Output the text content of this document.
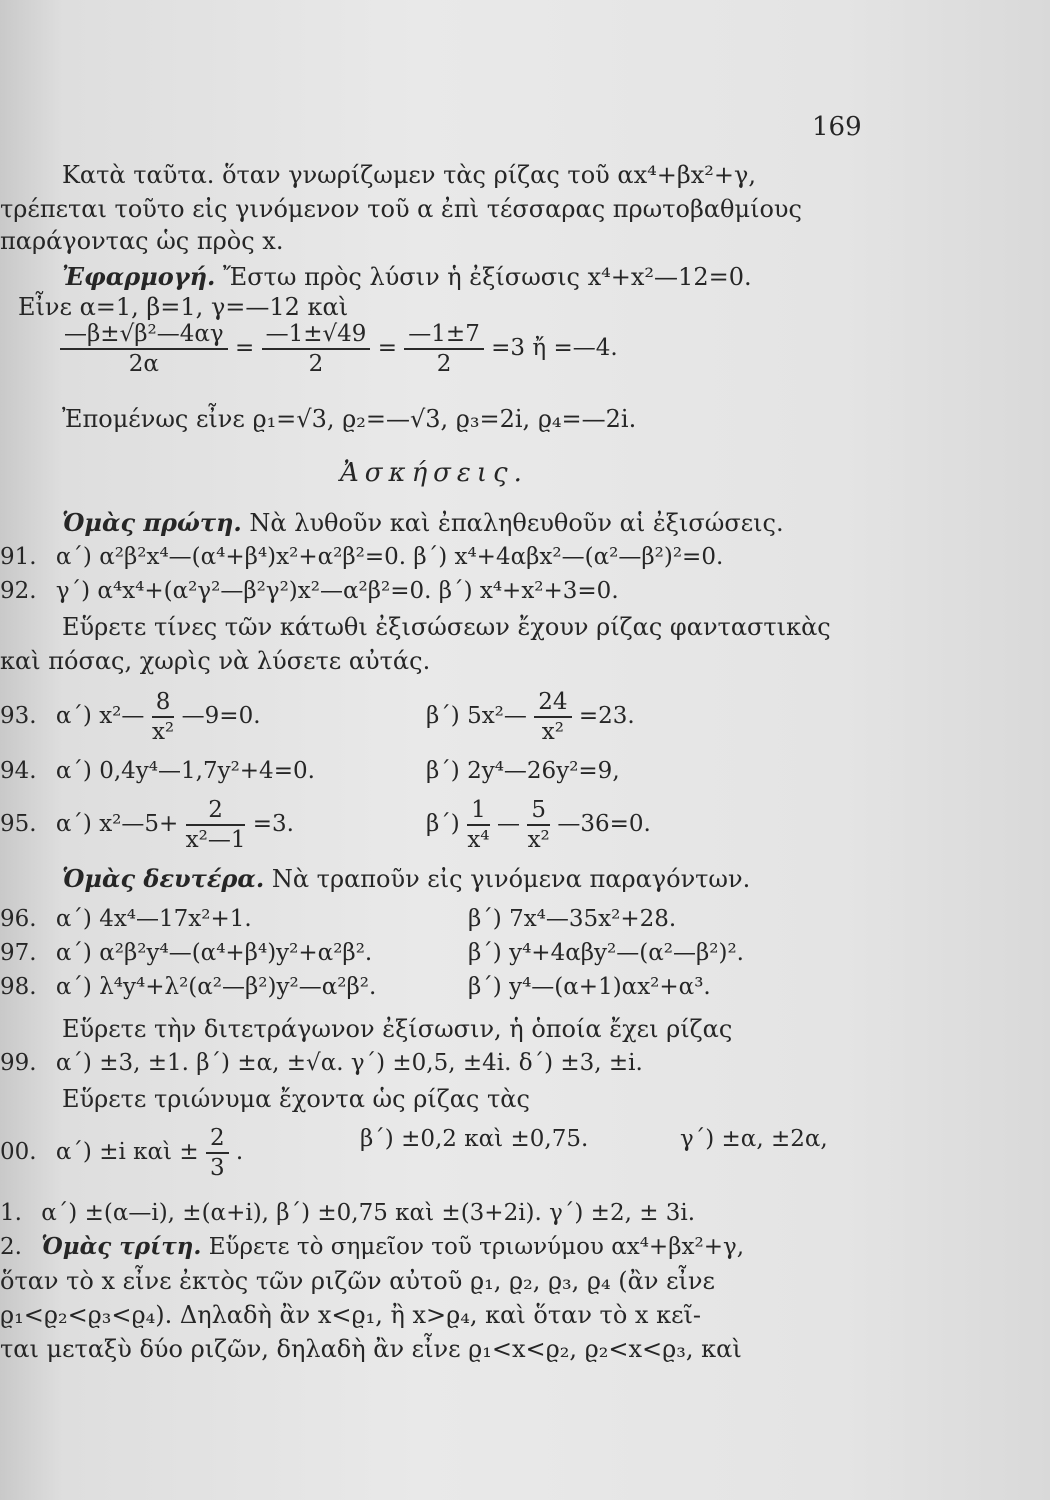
169
Κατὰ ταῦτα. ὅταν γνωρίζωμεν τὰς ρίζας τοῦ αx⁴+βx²+γ,
τρέπεται τοῦτο εἰς γινόμενον τοῦ α ἐπὶ τέσσαρας πρωτοβαθμίους
παράγοντας ὡς πρὸς x.
Ἐφαρμογή. Ἔστω πρὸς λύσιν ἡ ἐξίσωσις x⁴+x²—12=0.
Εἶνε α=1, β=1, γ=—12 καὶ
$\frac{\text{—β±√β²—4αγ}}{2\alpha} = \frac{—1\pm√49}{2} = \frac{—1\pm 7}{2} =3$ ἤ =—4.
Ἐπομένως εἶνε ϱ₁=√3, ϱ₂=—√3, ϱ₃=2i, ϱ₄=—2i.
Ἀσκήσεις.
Ὁμὰς πρώτη. Νὰ λυθοῦν καὶ ἐπαληθευθοῦν αἱ ἐξισώσεις.
91. α΄) α²β²x⁴—(α⁴+β⁴)x²+α²β²=0. β΄) x⁴+4αβx²—(α²—β²)²=0.
92. γ΄) α⁴x⁴+(α²γ²—β²γ²)x²—α²β²=0. β΄) x⁴+x²+3=0.
Εὕρετε τίνες τῶν κάτωθι ἐξισώσεων ἔχουν ρίζας φανταστικὰς
καὶ πόσας, χωρὶς νὰ λύσετε αὐτάς.
93. α΄) x²— $\frac{8}{\text{x²}}$ —9=0.	β΄) 5x²— $\frac{24}{\text{x²}} =23$.
94. α΄) 0,4y⁴—1,7y²+4=0.	β΄) 2y⁴—26y²=9,
95. α΄) x²—5+ $\frac{2}{\text{x²—1}} =3$.	$\beta΄) \frac{1}{\text{x⁴}}$ — $\frac{5}{\text{x²}}$ —36=0.
Ὁμὰς δευτέρα. Νὰ τραποῦν εἰς γινόμενα παραγόντων.
96. α΄) 4x⁴—17x²+1.	β΄) 7x⁴—35x²+28.
97. α΄) α²β²y⁴—(α⁴+β⁴)y²+α²β².	β΄) y⁴+4αβy²—(α²—β²)².
98. α΄) λ⁴y⁴+λ²(α²—β²)y²—α²β².	β΄) y⁴—(α+1)αx²+α³.
Εὕρετε τὴν διτετράγωνον ἐξίσωσιν, ἡ ὁποία ἔχει ρίζας
99. α΄) ±3, ±1. β΄) ±α, ±√α. γ΄) ±0,5, ±4i. δ΄) ±3, ±i.
Εὕρετε τριώνυμα ἔχοντα ὡς ρίζας τὰς
00. α΄) ±i καὶ ± $\frac{2}{3}$ .	β΄) ±0,2 καὶ ±0,75.	γ΄) ±α, ±2α,
1. α΄) ±(α—i), ±(α+i), β΄) ±0,75 καὶ ±(3+2i). γ΄) ±2, ± 3i.
2. Ὁμὰς τρίτη. Εὕρετε τὸ σημεῖον τοῦ τριωνύμου αx⁴+βx²+γ,
ὅταν τὸ x εἶνε ἐκτὸς τῶν ριζῶν αὐτοῦ ϱ₁, ϱ₂, ϱ₃, ϱ₄ (ἂν εἶνε
ϱ₁<ϱ₂<ϱ₃<ϱ₄). Δηλαδὴ ἂν x<ϱ₁, ἢ x>ϱ₄, καὶ ὅταν τὸ x κεῖ-
ται μεταξὺ δύο ριζῶν, δηλαδὴ ἂν εἶνε ϱ₁<x<ϱ₂, ϱ₂<x<ϱ₃, καὶ
